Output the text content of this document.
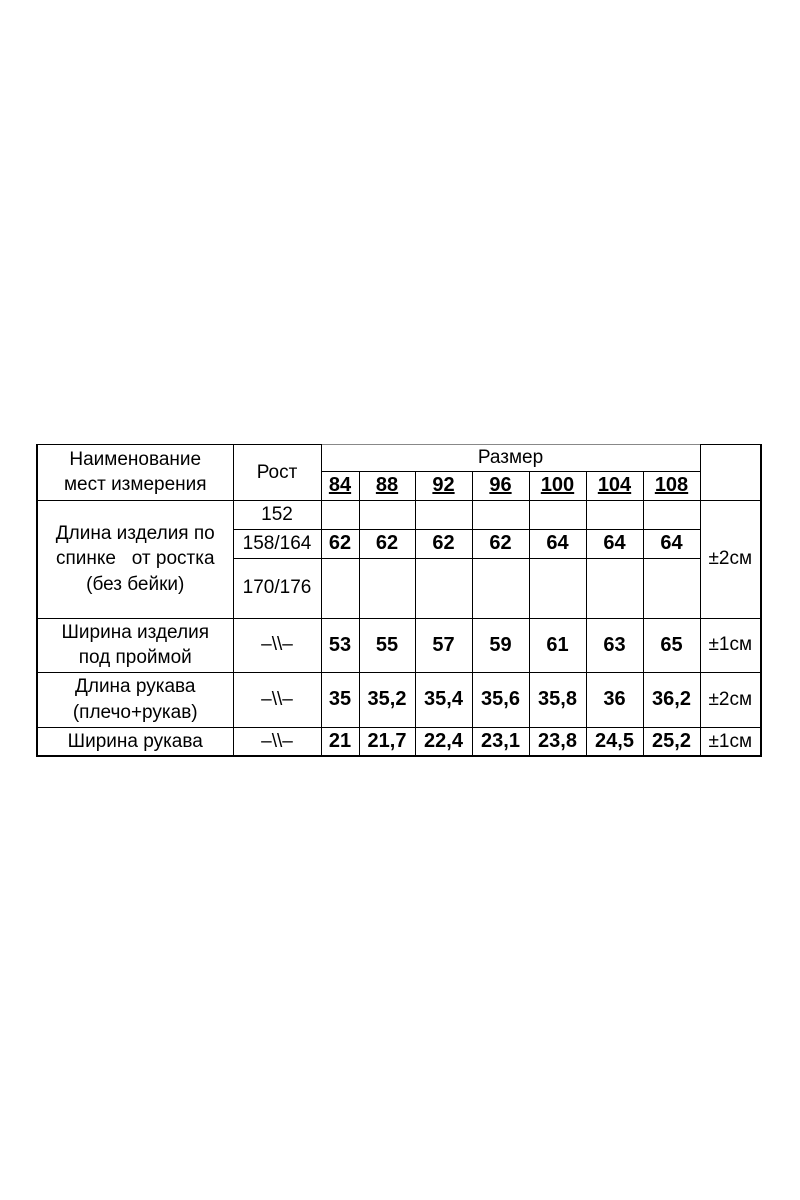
Наименование
мест измерения	Рост	Размер							
		84	88	92	96	100	104	108	

Длина изделия по
спинке   от ростка
(без бейки)	152								±2см
	158/164	62	62	62	62	64	64	64	
	170/176								

Ширина изделия
под проймой	–\\–	53	55	57	59	61	63	65	±1см

Длина рукава
(плечо+рукав)	–\\–	35	35,2	35,4	35,6	35,8	36	36,2	±2см
Ширина рукава	–\\–	21	21,7	22,4	23,1	23,8	24,5	25,2	±1см
